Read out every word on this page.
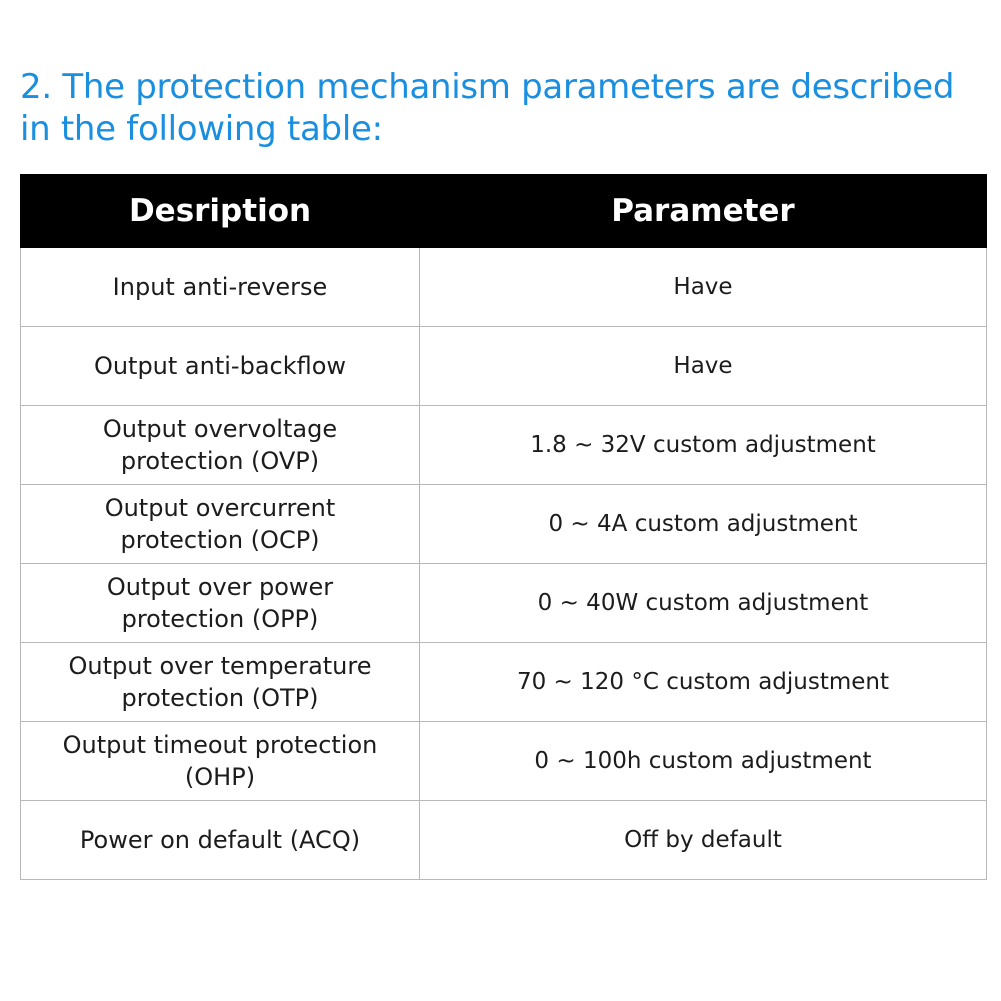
2. The protection mechanism parameters are described in the following table:

Desription	Parameter
Input anti-reverse	Have
Output anti-backflow	Have
Output overvoltage protection (OVP)	1.8 ~ 32V custom adjustment
Output overcurrent protection (OCP)	0 ~ 4A custom adjustment
Output over power protection (OPP)	0 ~ 40W custom adjustment
Output over temperature protection (OTP)	70 ~ 120 °C custom adjustment
Output timeout protection (OHP)	0 ~ 100h custom adjustment
Power on default (ACQ)	Off by default
